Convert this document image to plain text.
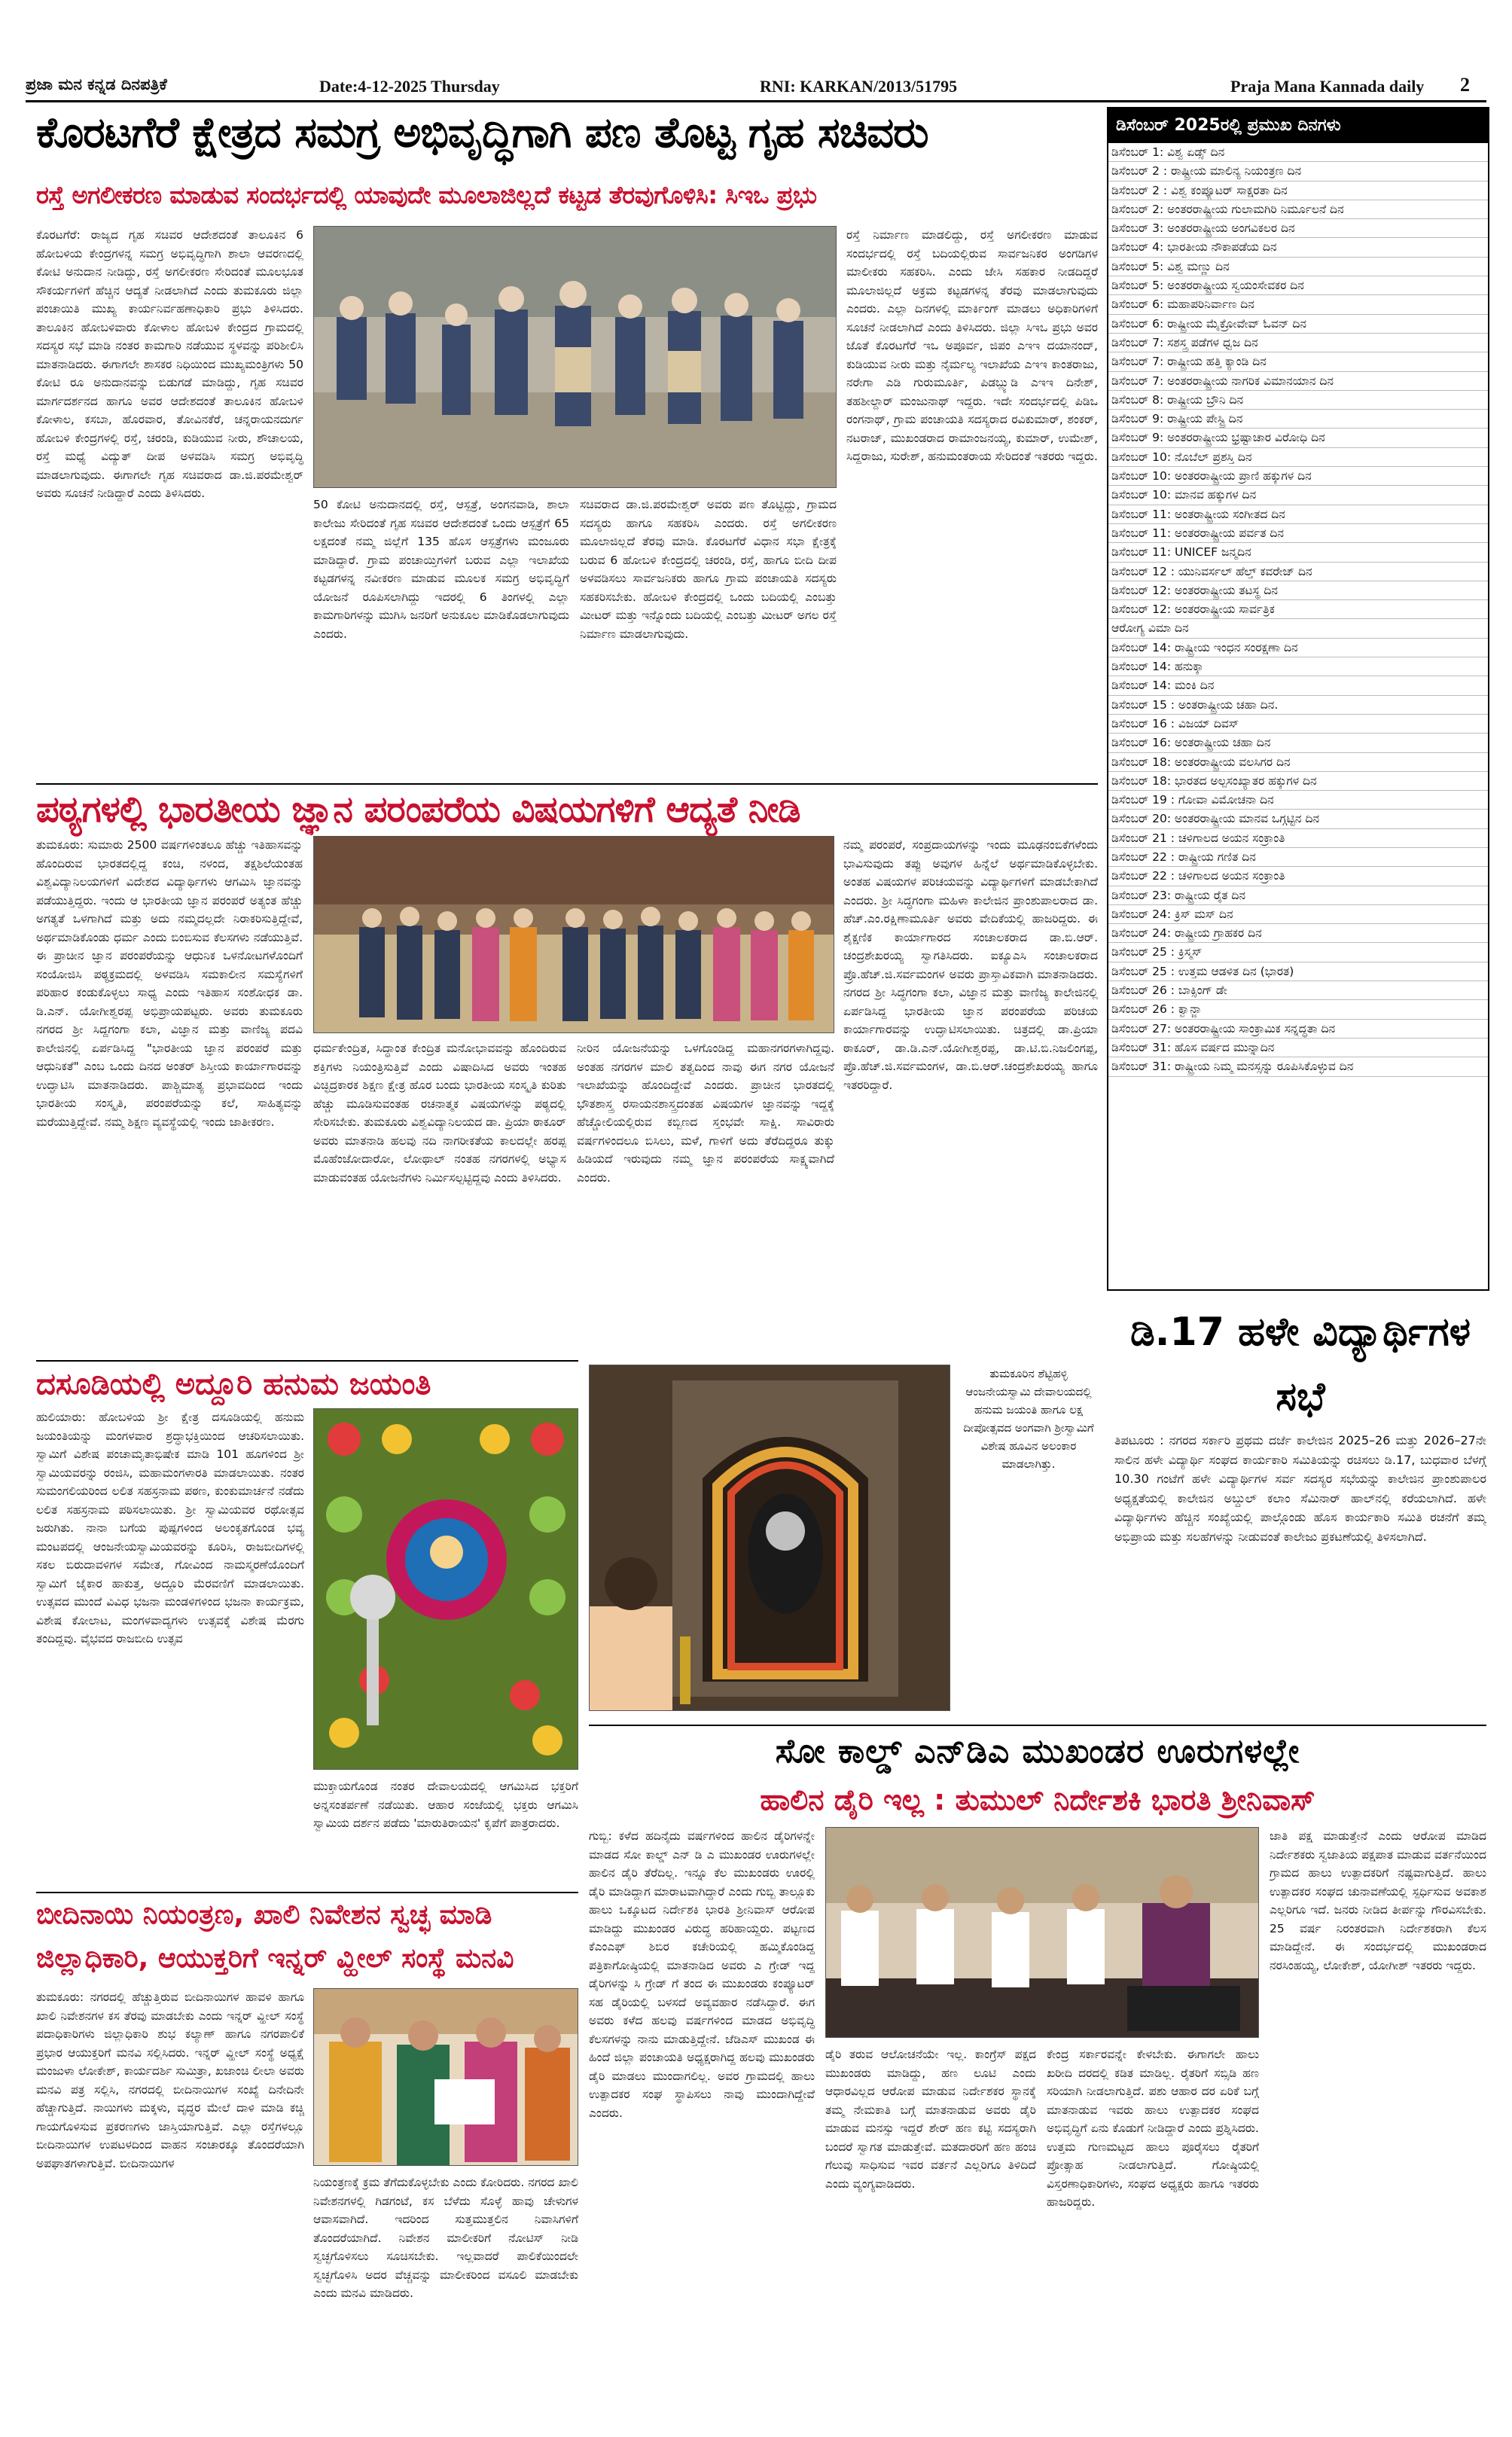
ಪ್ರಜಾ ಮನ ಕನ್ನಡ ದಿನಪತ್ರಿಕೆ	Date:4-12-2025 Thursday	RNI: KARKAN/2013/51795	Praja Mana Kannada daily 2
ಕೊರಟಗೆರೆ ಕ್ಷೇತ್ರದ ಸಮಗ್ರ ಅಭಿವೃದ್ಧಿಗಾಗಿ ಪಣ ತೊಟ್ಟ ಗೃಹ ಸಚಿವರು
ರಸ್ತೆ ಅಗಲೀಕರಣ ಮಾಡುವ ಸಂದರ್ಭದಲ್ಲಿ ಯಾವುದೇ ಮೂಲಾಜಿಲ್ಲದೆ ಕಟ್ಟಡ ತೆರವುಗೊಳಿಸಿ: ಸಿಇಒ ಪ್ರಭು
ಕೊರಟಗೆರೆ: ರಾಜ್ಯದ ಗೃಹ ಸಚಿವರ ಆದೇಶದಂತೆ ತಾಲೂಕಿನ 6 ಹೋಬಳಿಯ ಕೇಂದ್ರಗಳನ್ನ ಸಮಗ್ರ ಅಭಿವೃದ್ಧಿಗಾಗಿ ಶಾಲಾ ಆವರಣದಲ್ಲಿ ಕೋಟಿ ಅನುದಾನ ನೀಡಿದ್ದು, ರಸ್ತೆ ಅಗಲೀಕರಣ ಸೇರಿದಂತೆ ಮೂಲಭೂತ ಸೌಕರ್ಯಗಳಿಗೆ ಹೆಚ್ಚಿನ ಆದ್ಯತೆ ನೀಡಲಾಗಿದೆ ಎಂದು ತುಮಕೂರು ಜಿಲ್ಲಾ ಪಂಚಾಯಿತಿ ಮುಖ್ಯ ಕಾರ್ಯನಿರ್ವಹಣಾಧಿಕಾರಿ ಪ್ರಭು ತಿಳಿಸಿದರು. ತಾಲೂಕಿನ ಹೋಬಳಿವಾರು ಕೋಳಾಲ ಹೋಬಳಿ ಕೇಂದ್ರದ ಗ್ರಾಮದಲ್ಲಿ ಸದಸ್ಯರ ಸಭೆ ಮಾಡಿ ನಂತರ ಕಾಮಗಾರಿ ನಡೆಯುವ ಸ್ಥಳವನ್ನು ಪರಿಶೀಲಿಸಿ ಮಾತನಾಡಿದರು. ಈಗಾಗಲೇ ಶಾಸಕರ ನಿಧಿಯಿಂದ ಮುಖ್ಯಮಂತ್ರಿಗಳು 50 ಕೋಟಿ ರೂ ಅನುದಾನವನ್ನು ಬಿಡುಗಡೆ ಮಾಡಿದ್ದು, ಗೃಹ ಸಚಿವರ ಮಾರ್ಗದರ್ಶನದ ಹಾಗೂ ಅವರ ಆದೇಶದಂತೆ ತಾಲೂಕಿನ ಹೋಬಳಿ ಕೋಳಾಲ, ಕಸಬಾ, ಹೊರವಾರ, ತೋವಿನಕೆರೆ, ಚನ್ನರಾಯನದುರ್ಗ ಹೋಬಳಿ ಕೇಂದ್ರಗಳಲ್ಲಿ ರಸ್ತೆ, ಚರಂಡಿ, ಕುಡಿಯುವ ನೀರು, ಶೌಚಾಲಯ, ರಸ್ತೆ ಮಧ್ಯೆ ವಿದ್ಯುತ್ ದೀಪ ಅಳವಡಿಸಿ ಸಮಗ್ರ ಅಭಿವೃದ್ಧಿ ಮಾಡಲಾಗುವುದು. ಈಗಾಗಲೇ ಗೃಹ ಸಚಿವರಾದ ಡಾ.ಜಿ.ಪರಮೇಶ್ವರ್ ಅವರು ಸೂಚನೆ ನೀಡಿದ್ದಾರೆ ಎಂದು ತಿಳಿಸಿದರು.
50 ಕೋಟಿ ಅನುದಾನದಲ್ಲಿ ರಸ್ತೆ, ಆಸ್ಪತ್ರೆ, ಅಂಗನವಾಡಿ, ಶಾಲಾ ಕಾಲೇಜು ಸೇರಿದಂತೆ ಗೃಹ ಸಚಿವರ ಆದೇಶದಂತೆ ಒಂದು ಆಸ್ಪತ್ರೆಗೆ 65 ಲಕ್ಷದಂತೆ ನಮ್ಮ ಜಿಲ್ಲೆಗೆ 135 ಹೊಸ ಆಸ್ಪತ್ರೆಗಳು ಮಂಜೂರು ಮಾಡಿದ್ದಾರೆ. ಗ್ರಾಮ ಪಂಚಾಯ್ತಿಗಳಿಗೆ ಬರುವ ಎಲ್ಲಾ ಇಲಾಖೆಯ ಕಟ್ಟಡಗಳನ್ನ ನವೀಕರಣ ಮಾಡುವ ಮೂಲಕ ಸಮಗ್ರ ಅಭಿವೃದ್ಧಿಗೆ ಯೋಜನೆ ರೂಪಿಸಲಾಗಿದ್ದು ಇದರಲ್ಲಿ 6 ತಿಂಗಳಲ್ಲಿ ಎಲ್ಲಾ ಕಾಮಗಾರಿಗಳನ್ನು ಮುಗಿಸಿ ಜನರಿಗೆ ಅನುಕೂಲ ಮಾಡಿಕೊಡಲಾಗುವುದು ಎಂದರು.
ಸಚಿವರಾದ ಡಾ.ಜಿ.ಪರಮೇಶ್ವರ್ ಅವರು ಪಣ ತೊಟ್ಟಿದ್ದು, ಗ್ರಾಮದ ಸದಸ್ಯರು ಹಾಗೂ ಸಹಕರಿಸಿ ಎಂದರು. ರಸ್ತೆ ಅಗಲೀಕರಣ ಮೂಲಾಜಿಲ್ಲದೆ ತೆರವು ಮಾಡಿ. ಕೊರಟಗೆರೆ ವಿಧಾನ ಸಭಾ ಕ್ಷೇತ್ರಕ್ಕೆ ಬರುವ 6 ಹೋಬಳಿ ಕೇಂದ್ರದಲ್ಲಿ ಚರಂಡಿ, ರಸ್ತೆ, ಹಾಗೂ ಬೀದಿ ದೀಪ ಅಳವಡಿಸಲು ಸಾರ್ವಜನಿಕರು ಹಾಗೂ ಗ್ರಾಮ ಪಂಚಾಯತಿ ಸದಸ್ಯರು ಸಹಕರಿಸಬೇಕು. ಹೋಬಳಿ ಕೇಂದ್ರದಲ್ಲಿ ಒಂದು ಬದಿಯಲ್ಲಿ ಎಂಬತ್ತು ಮೀಟರ್ ಮತ್ತು ಇನ್ನೊಂದು ಬದಿಯಲ್ಲಿ ಎಂಬತ್ತು ಮೀಟರ್ ಅಗಲ ರಸ್ತೆ ನಿರ್ಮಾಣ ಮಾಡಲಾಗುವುದು.
ರಸ್ತೆ ನಿರ್ಮಾಣ ಮಾಡಲಿದ್ದು, ರಸ್ತೆ ಅಗಲೀಕರಣ ಮಾಡುವ ಸಂದರ್ಭದಲ್ಲಿ ರಸ್ತೆ ಬದಿಯಲ್ಲಿರುವ ಸಾರ್ವಜನಿಕರ ಅಂಗಡಿಗಳ ಮಾಲೀಕರು ಸಹಕರಿಸಿ. ಎಂದು ಜೇಸಿ ಸಹಕಾರ ನೀಡದಿದ್ದರೆ ಮೂಲಾಜಿಲ್ಲದೆ ಅಕ್ರಮ ಕಟ್ಟಡಗಳನ್ನ ತೆರವು ಮಾಡಲಾಗುವುದು ಎಂದರು. ಎಲ್ಲಾ ದಿನಗಳಲ್ಲಿ ಮಾರ್ಕಿಂಗ್ ಮಾಡಲು ಅಧಿಕಾರಿಗಳಿಗೆ ಸೂಚನೆ ನೀಡಲಾಗಿದೆ ಎಂದು ತಿಳಿಸಿದರು. ಜಿಲ್ಲಾ ಸಿಇಒ ಪ್ರಭು ಅವರ ಜೊತೆ ಕೊರಟಗೆರೆ ಇಒ ಅಪೂರ್ವ, ಜಿಪಂ ಎಇಇ ದಯಾನಂದ್, ಕುಡಿಯುವ ನೀರು ಮತ್ತು ನೈರ್ಮಲ್ಯ ಇಲಾಖೆಯ ಎಇಇ ಕಾಂತರಾಜು, ನರೇಗಾ ಎಡಿ ಗುರುಮೂರ್ತಿ, ಪಿಡಬ್ಲ್ಯುಡಿ ಎಇಇ ದಿನೇಶ್, ತಹಶೀಲ್ದಾರ್ ಮಂಜುನಾಥ್ ಇದ್ದರು. ಇದೇ ಸಂದರ್ಭದಲ್ಲಿ ಪಿಡಿಒ ರಂಗನಾಥ್, ಗ್ರಾಮ ಪಂಚಾಯತಿ ಸದಸ್ಯರಾದ ರವಿಕುಮಾರ್, ಶಂಕರ್, ನಟರಾಜ್, ಮುಖಂಡರಾದ ರಾಮಾಂಜನಯ್ಯ, ಕುಮಾರ್, ಉಮೇಶ್, ಸಿದ್ದರಾಜು, ಸುರೇಶ್, ಹನುಮಂತರಾಯ ಸೇರಿದಂತೆ ಇತರರು ಇದ್ದರು.
ಡಿಸೆಂಬರ್ 2025ರಲ್ಲಿ ಪ್ರಮುಖ ದಿನಗಳು
ಡಿಸೆಂಬರ್ 1: ವಿಶ್ವ ಏಡ್ಸ್ ದಿನ
ಡಿಸೆಂಬರ್ 2 : ರಾಷ್ಟ್ರೀಯ ಮಾಲಿನ್ಯ ನಿಯಂತ್ರಣ ದಿನ
ಡಿಸೆಂಬರ್ 2 : ವಿಶ್ವ ಕಂಪ್ಯೂಟರ್ ಸಾಕ್ಷರತಾ ದಿನ
ಡಿಸೆಂಬರ್ 2: ಅಂತರರಾಷ್ಟ್ರೀಯ ಗುಲಾಮಗಿರಿ ನಿರ್ಮೂಲನೆ ದಿನ
ಡಿಸೆಂಬರ್ 3: ಅಂತರರಾಷ್ಟ್ರೀಯ ಅಂಗವಿಕಲರ ದಿನ
ಡಿಸೆಂಬರ್ 4: ಭಾರತೀಯ ನೌಕಾಪಡೆಯ ದಿನ
ಡಿಸೆಂಬರ್ 5: ವಿಶ್ವ ಮಣ್ಣು ದಿನ
ಡಿಸೆಂಬರ್ 5: ಅಂತರರಾಷ್ಟ್ರೀಯ ಸ್ವಯಂಸೇವಕರ ದಿನ
ಡಿಸೆಂಬರ್ 6: ಮಹಾಪರಿನಿರ್ವಾಣ ದಿನ
ಡಿಸೆಂಬರ್ 6: ರಾಷ್ಟ್ರೀಯ ಮೈಕ್ರೋವೇವ್ ಓವನ್ ದಿನ
ಡಿಸೆಂಬರ್ 7: ಸಶಸ್ತ್ರ ಪಡೆಗಳ ಧ್ವಜ ದಿನ
ಡಿಸೆಂಬರ್ 7: ರಾಷ್ಟ್ರೀಯ ಹತ್ತಿ ಕ್ಯಾಂಡಿ ದಿನ
ಡಿಸೆಂಬರ್ 7: ಅಂತರರಾಷ್ಟ್ರೀಯ ನಾಗರಿಕ ವಿಮಾನಯಾನ ದಿನ
ಡಿಸೆಂಬರ್ 8: ರಾಷ್ಟ್ರೀಯ ಬ್ರೌನಿ ದಿನ
ಡಿಸೆಂಬರ್ 9: ರಾಷ್ಟ್ರೀಯ ಪೇಸ್ಟ್ರಿ ದಿನ
ಡಿಸೆಂಬರ್ 9: ಅಂತರರಾಷ್ಟ್ರೀಯ ಭ್ರಷ್ಟಾಚಾರ ವಿರೋಧಿ ದಿನ
ಡಿಸೆಂಬರ್ 10: ನೊಬೆಲ್ ಪ್ರಶಸ್ತಿ ದಿನ
ಡಿಸೆಂಬರ್ 10: ಅಂತರರಾಷ್ಟ್ರೀಯ ಪ್ರಾಣಿ ಹಕ್ಕುಗಳ ದಿನ
ಡಿಸೆಂಬರ್ 10: ಮಾನವ ಹಕ್ಕುಗಳ ದಿನ
ಡಿಸೆಂಬರ್ 11: ಅಂತರಾಷ್ಟ್ರೀಯ ಸಂಗೀತದ ದಿನ
ಡಿಸೆಂಬರ್ 11: ಅಂತರರಾಷ್ಟ್ರೀಯ ಪರ್ವತ ದಿನ
ಡಿಸೆಂಬರ್ 11: UNICEF ಜನ್ಮದಿನ
ಡಿಸೆಂಬರ್ 12 : ಯುನಿವರ್ಸಲ್ ಹೆಲ್ತ್ ಕವರೇಜ್ ದಿನ
ಡಿಸೆಂಬರ್ 12: ಅಂತರರಾಷ್ಟ್ರೀಯ ತಟಸ್ಥ ದಿನ
ಡಿಸೆಂಬರ್ 12: ಅಂತರರಾಷ್ಟ್ರೀಯ ಸಾರ್ವತ್ರಿಕ
ಆರೋಗ್ಯ ವಿಮಾ ದಿನ
ಡಿಸೆಂಬರ್ 14: ರಾಷ್ಟ್ರೀಯ ಇಂಧನ ಸಂರಕ್ಷಣಾ ದಿನ
ಡಿಸೆಂಬರ್ 14: ಹನುಕ್ಕಾ
ಡಿಸೆಂಬರ್ 14: ಮಂಕಿ ದಿನ
ಡಿಸೆಂಬರ್ 15 : ಅಂತರಾಷ್ಟ್ರೀಯ ಚಹಾ ದಿನ.
ಡಿಸೆಂಬರ್ 16 : ವಿಜಯ್ ದಿವಸ್
ಡಿಸೆಂಬರ್ 16: ಅಂತರಾಷ್ಟ್ರೀಯ ಚಹಾ ದಿನ
ಡಿಸೆಂಬರ್ 18: ಅಂತರರಾಷ್ಟ್ರೀಯ ವಲಸಿಗರ ದಿನ
ಡಿಸೆಂಬರ್ 18: ಭಾರತದ ಅಲ್ಪಸಂಖ್ಯಾತರ ಹಕ್ಕುಗಳ ದಿನ
ಡಿಸೆಂಬರ್ 19 : ಗೋವಾ ವಿಮೋಚನಾ ದಿನ
ಡಿಸೆಂಬರ್ 20: ಅಂತರರಾಷ್ಟ್ರೀಯ ಮಾನವ ಒಗ್ಗಟ್ಟಿನ ದಿನ
ಡಿಸೆಂಬರ್ 21 : ಚಳಿಗಾಲದ ಅಯನ ಸಂಕ್ರಾಂತಿ
ಡಿಸೆಂಬರ್ 22 : ರಾಷ್ಟ್ರೀಯ ಗಣಿತ ದಿನ
ಡಿಸೆಂಬರ್ 22 : ಚಳಿಗಾಲದ ಅಯನ ಸಂಕ್ರಾಂತಿ
ಡಿಸೆಂಬರ್ 23: ರಾಷ್ಟ್ರೀಯ ರೈತ ದಿನ
ಡಿಸೆಂಬರ್ 24: ಕ್ರಿಸ್ ಮಸ್ ದಿನ
ಡಿಸೆಂಬರ್ 24: ರಾಷ್ಟ್ರೀಯ ಗ್ರಾಹಕರ ದಿನ
ಡಿಸೆಂಬರ್ 25 : ಕ್ರಿಸ್ಮಸ್
ಡಿಸೆಂಬರ್ 25 : ಉತ್ತಮ ಆಡಳಿತ ದಿನ (ಭಾರತ)
ಡಿಸೆಂಬರ್ 26 : ಬಾಕ್ಸಿಂಗ್ ಡೇ
ಡಿಸೆಂಬರ್ 26 : ಕ್ವಾನ್ಜಾ
ಡಿಸೆಂಬರ್ 27: ಅಂತರರಾಷ್ಟ್ರೀಯ ಸಾಂಕ್ರಾಮಿಕ ಸನ್ನದ್ಧತಾ ದಿನ
ಡಿಸೆಂಬರ್ 31: ಹೊಸ ವರ್ಷದ ಮುನ್ನಾದಿನ
ಡಿಸೆಂಬರ್ 31: ರಾಷ್ಟ್ರೀಯ ನಿಮ್ಮ ಮನಸ್ಸನ್ನು ರೂಪಿಸಿಕೊಳ್ಳುವ ದಿನ
ಪಠ್ಯಗಳಲ್ಲಿ ಭಾರತೀಯ ಜ್ಞಾನ ಪರಂಪರೆಯ ವಿಷಯಗಳಿಗೆ ಆದ್ಯತೆ ನೀಡಿ
ತುಮಕೂರು: ಸುಮಾರು 2500 ವರ್ಷಗಳಿಂತಲೂ ಹೆಚ್ಚು ಇತಿಹಾಸವನ್ನು ಹೊಂದಿರುವ ಭಾರತದಲ್ಲಿದ್ದ ಕಂಚಿ, ನಳಂದ, ತಕ್ಷಶಿಲೆಯಂತಹ ವಿಶ್ವವಿದ್ಯಾನಿಲಯಗಳಿಗೆ ವಿದೇಶದ ವಿದ್ಯಾರ್ಥಿಗಳು ಆಗಮಿಸಿ ಜ್ಞಾನವನ್ನು ಪಡೆಯುತ್ತಿದ್ದರು. ಇಂದು ಆ ಭಾರತೀಯ ಜ್ಞಾನ ಪರಂಪರೆ ಅತ್ಯಂತ ಹೆಚ್ಚು ಅಗತ್ಯತೆ ಒಳಗಾಗಿದೆ ಮತ್ತು ಅದು ನಮ್ಮದಲ್ಲದೇ ನಿರಾಕರಿಸುತ್ತಿದ್ದೇವೆ, ಅರ್ಥಮಾಡಿಕೊಂಡು ಧರ್ಮ ಎಂದು ಬಿಂಬಿಸುವ ಕೆಲಸಗಳು ನಡೆಯುತ್ತಿವೆ. ಈ ಪ್ರಾಚೀನ ಜ್ಞಾನ ಪರಂಪರೆಯನ್ನು ಆಧುನಿಕ ಒಳನೋಟಗಳೊಂದಿಗೆ ಸಂಯೋಜಿಸಿ ಪಠ್ಯಕ್ರಮದಲ್ಲಿ ಅಳವಡಿಸಿ ಸಮಕಾಲೀನ ಸಮಸ್ಯೆಗಳಿಗೆ ಪರಿಹಾರ ಕಂಡುಕೊಳ್ಳಲು ಸಾಧ್ಯ ಎಂದು ಇತಿಹಾಸ ಸಂಶೋಧಕ ಡಾ. ಡಿ.ಎನ್. ಯೋಗೀಶ್ವರಪ್ಪ ಅಭಿಪ್ರಾಯಪಟ್ಟರು. ಅವರು ತುಮಕೂರು ನಗರದ ಶ್ರೀ ಸಿದ್ದಗಂಗಾ ಕಲಾ, ವಿಜ್ಞಾನ ಮತ್ತು ವಾಣಿಜ್ಯ ಪದವಿ ಕಾಲೇಜಿನಲ್ಲಿ ಏರ್ಪಡಿಸಿದ್ದ "ಭಾರತೀಯ ಜ್ಞಾನ ಪರಂಪರೆ ಮತ್ತು ಆಧುನಿಕತೆ" ಎಂಬ ಒಂದು ದಿನದ ಅಂತರ್ ಶಿಸ್ತೀಯ ಕಾರ್ಯಾಗಾರವನ್ನು ಉದ್ಘಾಟಿಸಿ ಮಾತನಾಡಿದರು. ಪಾಶ್ಚಿಮಾತ್ಯ ಪ್ರಭಾವದಿಂದ ಇಂದು ಭಾರತೀಯ ಸಂಸ್ಕೃತಿ, ಪರಂಪರೆಯನ್ನು ಕಲೆ, ಸಾಹಿತ್ಯವನ್ನು ಮರೆಯುತ್ತಿದ್ದೇವೆ. ನಮ್ಮ ಶಿಕ್ಷಣ ವ್ಯವಸ್ಥೆಯಲ್ಲಿ ಇಂದು ಜಾತೀಕರಣ.
ಧರ್ಮಕೇಂದ್ರಿತ, ಸಿದ್ಧಾಂತ ಕೇಂದ್ರಿತ ಮನೋಭಾವವನ್ನು ಹೊಂದಿರುವ ಶಕ್ತಿಗಳು ನಿಯಂತ್ರಿಸುತ್ತಿವೆ ಎಂದು ವಿಷಾದಿಸಿದ ಅವರು ಇಂತಹ ವಿಚ್ಛಿದ್ರಕಾರಕ ಶಿಕ್ಷಣ ಕ್ಷೇತ್ರ ಹೊರ ಬಂದು ಭಾರತೀಯ ಸಂಸ್ಕೃತಿ ಕುರಿತು ಹೆಚ್ಚು ಮೂಡಿಸುವಂತಹ ರಚನಾತ್ಮಕ ವಿಷಯಗಳನ್ನು ಪಠ್ಯದಲ್ಲಿ ಸೇರಿಸಬೇಕು. ತುಮಕೂರು ವಿಶ್ವವಿದ್ಯಾನಿಲಯದ ಡಾ. ಪ್ರಿಯಾ ಠಾಕೂರ್ ಅವರು ಮಾತನಾಡಿ ಹಲವು ನದಿ ನಾಗರೀಕತೆಯ ಕಾಲದಲ್ಲೇ ಹರಪ್ಪ ಮೊಹೆಂಜೋದಾರೋ, ಲೋಥಾಲ್ ನಂತಹ ನಗರಗಳಲ್ಲಿ ಅಭ್ಯಾಸ ಮಾಡುವಂತಹ ಯೋಜನೆಗಳು ನಿರ್ಮಿಸಲ್ಪಟ್ಟಿದ್ದವು ಎಂದು ತಿಳಿಸಿದರು.
ನೀರಿನ ಯೋಜನೆಯನ್ನು ಒಳಗೊಂಡಿದ್ದ ಮಹಾನಗರಗಳಾಗಿದ್ದವು. ಅಂತಹ ನಗರಗಳ ಮಾಲಿ ತತ್ವದಿಂದ ನಾವು ಈಗ ನಗರ ಯೋಜನೆ ಇಲಾಖೆಯನ್ನು ಹೊಂದಿದ್ದೇವೆ ಎಂದರು. ಪ್ರಾಚೀನ ಭಾರತದಲ್ಲಿ ಭೌತಶಾಸ್ತ್ರ ರಸಾಯನಶಾಸ್ತ್ರದಂತಹ ವಿಷಯಗಳ ಜ್ಞಾನವನ್ನು ಇದ್ದಕ್ಕೆ ಹೆಚ್ಚೋಲಿಯಲ್ಲಿರುವ ಕಬ್ಬಿಣದ ಸ್ತಂಭವೇ ಸಾಕ್ಷಿ. ಸಾವಿರಾರು ವರ್ಷಗಳಿಂದಲೂ ಬಿಸಿಲು, ಮಳೆ, ಗಾಳಿಗೆ ಅದು ತೆರೆದಿದ್ದರೂ ತುಕ್ಕು ಹಿಡಿಯದೆ ಇರುವುದು ನಮ್ಮ ಜ್ಞಾನ ಪರಂಪರೆಯ ಸಾಕ್ಷ್ಯವಾಗಿದೆ ಎಂದರು.
ನಮ್ಮ ಪರಂಪರೆ, ಸಂಪ್ರದಾಯಗಳನ್ನು ಇಂದು ಮೂಢನಂಬಿಕೆಗಳೆಂದು ಭಾವಿಸುವುದು ತಪ್ಪು ಅವುಗಳ ಹಿನ್ನೆಲೆ ಅರ್ಥಮಾಡಿಕೊಳ್ಳಬೇಕು. ಅಂತಹ ವಿಷಯಗಳ ಪರಿಚಯವನ್ನು ವಿದ್ಯಾರ್ಥಿಗಳಿಗೆ ಮಾಡಬೇಕಾಗಿದೆ ಎಂದರು. ಶ್ರೀ ಸಿದ್ಧಗಂಗಾ ಮಹಿಳಾ ಕಾಲೇಜಿನ ಪ್ರಾಂಶುಪಾಲರಾದ ಡಾ. ಹೆಚ್.ಎಂ.ರಕ್ಷಿಣಾಮೂರ್ತಿ ಅವರು ವೇದಿಕೆಯಲ್ಲಿ ಹಾಜರಿದ್ದರು. ಈ ಶೈಕ್ಷಣಿಕ ಕಾರ್ಯಾಗಾರದ ಸಂಚಾಲಕರಾದ ಡಾ.ಬಿ.ಆರ್. ಚಂದ್ರಶೇಖರಯ್ಯ ಸ್ವಾಗತಿಸಿದರು. ಐಕ್ಯೂಎಸಿ ಸಂಚಾಲಕರಾದ ಪ್ರೊ.ಹೆಚ್.ಜಿ.ಸರ್ವಮಂಗಳ ಅವರು ಪ್ರಾಸ್ತಾವಿಕವಾಗಿ ಮಾತನಾಡಿದರು. ನಗರದ ಶ್ರೀ ಸಿದ್ಧಗಂಗಾ ಕಲಾ, ವಿಜ್ಞಾನ ಮತ್ತು ವಾಣಿಜ್ಯ ಕಾಲೇಜಿನಲ್ಲಿ ಏರ್ಪಡಿಸಿದ್ದ ಭಾರತೀಯ ಜ್ಞಾನ ಪರಂಪರೆಯ ಪರಿಚಯ ಕಾರ್ಯಾಗಾರವನ್ನು ಉದ್ಘಾಟಿಸಲಾಯಿತು. ಚಿತ್ರದಲ್ಲಿ ಡಾ.ಪ್ರಿಯಾ ಠಾಕೂರ್, ಡಾ.ಡಿ.ಎನ್.ಯೋಗೀಶ್ವರಪ್ಪ, ಡಾ.ಟಿ.ಬಿ.ನಿಜಲಿಂಗಪ್ಪ, ಪ್ರೊ.ಹೆಚ್.ಜಿ.ಸರ್ವಮಂಗಳ, ಡಾ.ಬಿ.ಆರ್.ಚಂದ್ರಶೇಖರಯ್ಯ ಹಾಗೂ ಇತರರಿದ್ದಾರೆ.
ದಸೂಡಿಯಲ್ಲಿ ಅದ್ದೂರಿ ಹನುಮ ಜಯಂತಿ
ಹುಲಿಯಾರು: ಹೋಬಳಿಯ ಶ್ರೀ ಕ್ಷೇತ್ರ ದಸೂಡಿಯಲ್ಲಿ ಹನುಮ ಜಯಂತಿಯನ್ನು ಮಂಗಳವಾರ ಶ್ರದ್ಧಾಭಕ್ತಿಯಿಂದ ಆಚರಿಸಲಾಯಿತು. ಸ್ವಾಮಿಗೆ ವಿಶೇಷ ಪಂಚಾಮೃತಾಭಿಷೇಕ ಮಾಡಿ 101 ಹೂಗಳಿಂದ ಶ್ರೀ ಸ್ವಾಮಿಯವರನ್ನು ರಂಜಿಸಿ, ಮಹಾಮಂಗಳಾರತಿ ಮಾಡಲಾಯಿತು. ನಂತರ ಸುಮಂಗಲಿಯರಿಂದ ಲಲಿತ ಸಹಸ್ರನಾಮ ಪಠಣ, ಕುಂಕುಮಾರ್ಚನೆ ನಡೆದು ಲಲಿತ ಸಹಸ್ರನಾಮ ಪಠಿಸಲಾಯಿತು. ಶ್ರೀ ಸ್ವಾಮಿಯವರ ರಥೋತ್ಸವ ಜರುಗಿತು. ನಾನಾ ಬಗೆಯ ಪುಷ್ಪಗಳಿಂದ ಅಲಂಕೃತಗೊಂಡ ಭವ್ಯ ಮಂಟಪದಲ್ಲಿ ಆಂಜನೇಯಸ್ವಾಮಿಯವರನ್ನು ಕೂರಿಸಿ, ರಾಜಬೀದಿಗಳಲ್ಲಿ ಸಕಲ ಬಿರುದಾವಳಿಗಳ ಸಮೇತ, ಗೋವಿಂದ ನಾಮಸ್ಮರಣೆಯೊಂದಿಗೆ ಸ್ವಾಮಿಗೆ ಜೈಕಾರ ಹಾಕುತ್ತ, ಅದ್ದೂರಿ ಮೆರವಣಿಗೆ ಮಾಡಲಾಯಿತು. ಉತ್ಸವದ ಮುಂದೆ ವಿವಿಧ ಭಜನಾ ಮಂಡಳಿಗಳಿಂದ ಭಜನಾ ಕಾರ್ಯಕ್ರಮ, ವಿಶೇಷ ಕೋಲಾಟ, ಮಂಗಳವಾದ್ಯಗಳು ಉತ್ಸವಕ್ಕೆ ವಿಶೇಷ ಮೆರಗು ತಂದಿದ್ದವು. ವೈಭವದ ರಾಜಬೀದಿ ಉತ್ಸವ
ಮುಕ್ತಾಯಗೊಂಡ ನಂತರ ದೇವಾಲಯದಲ್ಲಿ ಆಗಮಿಸಿದ ಭಕ್ತರಿಗೆ ಅನ್ನಸಂತರ್ಪಣೆ ನಡೆಯಿತು. ಆಹಾರ ಸಂಜೆಯಲ್ಲಿ ಭಕ್ತರು ಆಗಮಿಸಿ ಸ್ವಾಮಿಯ ದರ್ಶನ ಪಡೆದು 'ಮಾರುತಿರಾಯನ' ಕೃಪೆಗೆ ಪಾತ್ರರಾದರು.
ತುಮಕೂರಿನ ಶೆಟ್ಟಿಹಳ್ಳಿ ಆಂಜನೇಯಸ್ವಾಮಿ ದೇವಾಲಯದಲ್ಲಿ ಹನುಮ ಜಯಂತಿ ಹಾಗೂ ಲಕ್ಷ ದೀಪೋತ್ಸವದ ಅಂಗವಾಗಿ ಶ್ರೀಸ್ವಾಮಿಗೆ ವಿಶೇಷ ಹೂವಿನ ಅಲಂಕಾರ ಮಾಡಲಾಗಿತ್ತು.
ಡಿ.17 ಹಳೇ ವಿದ್ಯಾರ್ಥಿಗಳ ಸಭೆ
ತಿಪಟೂರು : ನಗರದ ಸರ್ಕಾರಿ ಪ್ರಥಮ ದರ್ಜೆ ಕಾಲೇಜಿನ 2025–26 ಮತ್ತು 2026–27ನೇ ಸಾಲಿನ ಹಳೇ ವಿದ್ಯಾರ್ಥಿ ಸಂಘದ ಕಾರ್ಯಕಾರಿ ಸಮಿತಿಯನ್ನು ರಚಿಸಲು ಡಿ.17, ಬುಧವಾರ ಬೆಳಗ್ಗೆ 10.30 ಗಂಟೆಗೆ ಹಳೇ ವಿದ್ಯಾರ್ಥಿಗಳ ಸರ್ವ ಸದಸ್ಯರ ಸಭೆಯನ್ನು ಕಾಲೇಜಿನ ಪ್ರಾಂಶುಪಾಲರ ಅಧ್ಯಕ್ಷತೆಯಲ್ಲಿ ಕಾಲೇಜಿನ ಅಬ್ದುಲ್ ಕಲಾಂ ಸೆಮಿನಾರ್ ಹಾಲ್‌ನಲ್ಲಿ ಕರೆಯಲಾಗಿದೆ. ಹಳೇ ವಿದ್ಯಾರ್ಥಿಗಳು ಹೆಚ್ಚಿನ ಸಂಖ್ಯೆಯಲ್ಲಿ ಪಾಲ್ಗೊಂಡು ಹೊಸ ಕಾರ್ಯಕಾರಿ ಸಮಿತಿ ರಚನೆಗೆ ತಮ್ಮ ಅಭಿಪ್ರಾಯ ಮತ್ತು ಸಲಹೆಗಳನ್ನು ನೀಡುವಂತೆ ಕಾಲೇಜು ಪ್ರಕಟಣೆಯಲ್ಲಿ ತಿಳಿಸಲಾಗಿದೆ.
ಸೋ ಕಾಲ್ಡ್ ಎನ್‌ಡಿಎ ಮುಖಂಡರ ಊರುಗಳಲ್ಲೇ
ಹಾಲಿನ ಡೈರಿ ಇಲ್ಲ : ತುಮುಲ್ ನಿರ್ದೇಶಕಿ ಭಾರತಿ ಶ್ರೀನಿವಾಸ್
ಗುಬ್ಬಿ: ಕಳೆದ ಹದಿನೈದು ವರ್ಷಗಳಿಂದ ಹಾಲಿನ ಡೈರಿಗಳನ್ನೇ ಮಾಡದ ಸೋ ಕಾಲ್ಡ್ ಎನ್ ಡಿ ಎ ಮುಖಂಡರ ಊರುಗಳಲ್ಲೇ ಹಾಲಿನ ಡೈರಿ ತೆರೆದಿಲ್ಲ. ಇನ್ನೂ ಕೆಲ ಮುಖಂಡರು ಊರಲ್ಲಿ ಡೈರಿ ಮಾಡಿದ್ದಾಗ ಮಾರಾಟವಾಗಿದ್ದಾರೆ ಎಂದು ಗುಬ್ಬಿ ತಾಲ್ಲೂಕು ಹಾಲು ಒಕ್ಕೂಟದ ನಿರ್ದೇಶಕಿ ಭಾರತಿ ಶ್ರೀನಿವಾಸ್ ಆರೋಪ ಮಾಡಿದ್ದು ಮುಖಂಡರ ವಿರುದ್ಧ ಹರಿಹಾಯ್ದರು. ಪಟ್ಟಣದ ಕೆಎಂಎಫ್ ಶಿಬಿರ ಕಚೇರಿಯಲ್ಲಿ ಹಮ್ಮಿಕೊಂಡಿದ್ದ ಪತ್ರಿಕಾಗೋಷ್ಠಿಯಲ್ಲಿ ಮಾತನಾಡಿದ ಅವರು ಎ ಗ್ರೇಡ್ ಇದ್ದ ಡೈರಿಗಳನ್ನು ಸಿ ಗ್ರೇಡ್ ಗೆ ತಂದ ಈ ಮುಖಂಡರು ಕಂಪ್ಯೂಟರ್ ಸಹ ಡೈರಿಯಲ್ಲಿ ಬಳಸದೆ ಅವ್ಯವಹಾರ ನಡೆಸಿದ್ದಾರೆ. ಈಗ ಅವರು ಕಳೆದ ಹಲವು ವರ್ಷಗಳಿಂದ ಮಾಡದ ಅಭಿವೃದ್ಧಿ ಕೆಲಸಗಳನ್ನು ನಾನು ಮಾಡುತ್ತಿದ್ದೇನೆ. ಜೆಡಿಎಸ್ ಮುಖಂಡ ಈ ಹಿಂದೆ ಜಿಲ್ಲಾ ಪಂಚಾಯತಿ ಅಧ್ಯಕ್ಷರಾಗಿದ್ದ ಹಲವು ಮುಖಂಡರು ಡೈರಿ ಮಾಡಲು ಮುಂದಾಗಲಿಲ್ಲ. ಅವರ ಗ್ರಾಮದಲ್ಲಿ ಹಾಲು ಉತ್ಪಾದಕರ ಸಂಘ ಸ್ಥಾಪಿಸಲು ನಾವು ಮುಂದಾಗಿದ್ದೇವೆ ಎಂದರು.
ಡೈರಿ ತರುವ ಆಲೋಚನೆಯೇ ಇಲ್ಲ. ಕಾಂಗ್ರೆಸ್ ಪಕ್ಷದ ಮುಖಂಡರು ಮಾಡಿದ್ದು, ಹಣ ಲೂಟಿ ಎಂದು ಆಧಾರವಿಲ್ಲದ ಆರೋಪ ಮಾಡುವ ನಿರ್ದೇಶಕರ ಸ್ಥಾನಕ್ಕೆ ತಮ್ಮ ನೇಮಕಾತಿ ಬಗ್ಗೆ ಮಾತನಾಡುವ ಅವರು ಡೈರಿ ಮಾಡುವ ಮನಸ್ಸು ಇದ್ದರೆ ಶೇರ್ ಹಣ ಕಟ್ಟಿ ಸದಸ್ಯರಾಗಿ ಬಂದರೆ ಸ್ವಾಗತ ಮಾಡುತ್ತೇವೆ. ಮತದಾರರಿಗೆ ಹಣ ಹಂಚಿ ಗೆಲುವು ಸಾಧಿಸುವ ಇವರ ವರ್ತನೆ ಎಲ್ಲರಿಗೂ ತಿಳಿದಿದೆ ಎಂದು ವ್ಯಂಗ್ಯವಾಡಿದರು.
ಕೇಂದ್ರ ಸರ್ಕಾರವನ್ನೇ ಕೇಳಬೇಕು. ಈಗಾಗಲೇ ಹಾಲು ಖರೀದಿ ದರದಲ್ಲಿ ಕಡಿತ ಮಾಡಿಲ್ಲ. ರೈತರಿಗೆ ಸಬ್ಸಿಡಿ ಹಣ ಸರಿಯಾಗಿ ನೀಡಲಾಗುತ್ತಿದೆ. ಪಶು ಆಹಾರ ದರ ಏರಿಕೆ ಬಗ್ಗೆ ಮಾತನಾಡುವ ಇವರು ಹಾಲು ಉತ್ಪಾದಕರ ಸಂಘದ ಅಭಿವೃದ್ಧಿಗೆ ಏನು ಕೊಡುಗೆ ನೀಡಿದ್ದಾರೆ ಎಂದು ಪ್ರಶ್ನಿಸಿದರು. ಉತ್ತಮ ಗುಣಮಟ್ಟದ ಹಾಲು ಪೂರೈಸಲು ರೈತರಿಗೆ ಪ್ರೋತ್ಸಾಹ ನೀಡಲಾಗುತ್ತಿದೆ. ಗೋಷ್ಠಿಯಲ್ಲಿ ವಿಸ್ತರಣಾಧಿಕಾರಿಗಳು, ಸಂಘದ ಅಧ್ಯಕ್ಷರು ಹಾಗೂ ಇತರರು ಹಾಜರಿದ್ದರು.
ಜಾತಿ ಪಕ್ಷ ಮಾಡುತ್ತೇನೆ ಎಂದು ಆರೋಪ ಮಾಡಿದ ನಿರ್ದೇಶಕರು ಸ್ವಜಾತಿಯ ಪಕ್ಷಪಾತ ಮಾಡುವ ವರ್ತನೆಯಿಂದ ಗ್ರಾಮದ ಹಾಲು ಉತ್ಪಾದಕರಿಗೆ ನಷ್ಟವಾಗುತ್ತಿದೆ. ಹಾಲು ಉತ್ಪಾದಕರ ಸಂಘದ ಚುನಾವಣೆಯಲ್ಲಿ ಸ್ಪರ್ಧಿಸುವ ಅವಕಾಶ ಎಲ್ಲರಿಗೂ ಇದೆ. ಜನರು ನೀಡಿದ ತೀರ್ಪನ್ನು ಗೌರವಿಸಬೇಕು. 25 ವರ್ಷ ನಿರಂತರವಾಗಿ ನಿರ್ದೇಶಕರಾಗಿ ಕೆಲಸ ಮಾಡಿದ್ದೇನೆ. ಈ ಸಂದರ್ಭದಲ್ಲಿ ಮುಖಂಡರಾದ ನರಸಿಂಹಯ್ಯ, ಲೋಕೇಶ್, ಯೋಗೀಶ್ ಇತರರು ಇದ್ದರು.
ಬೀದಿನಾಯಿ ನಿಯಂತ್ರಣ, ಖಾಲಿ ನಿವೇಶನ ಸ್ವಚ್ಛ ಮಾಡಿ
ಜಿಲ್ಲಾಧಿಕಾರಿ, ಆಯುಕ್ತರಿಗೆ ಇನ್ನರ್ ವ್ಹೀಲ್ ಸಂಸ್ಥೆ ಮನವಿ
ತುಮಕೂರು: ನಗರದಲ್ಲಿ ಹೆಚ್ಚುತ್ತಿರುವ ಬೀದಿನಾಯಿಗಳ ಹಾವಳಿ ಹಾಗೂ ಖಾಲಿ ನಿವೇಶನಗಳ ಕಸ ತೆರವು ಮಾಡಬೇಕು ಎಂದು ಇನ್ನರ್ ವ್ಹೀಲ್ ಸಂಸ್ಥೆ ಪದಾಧಿಕಾರಿಗಳು ಜಿಲ್ಲಾಧಿಕಾರಿ ಶುಭ ಕಲ್ಯಾಣ್ ಹಾಗೂ ನಗರಪಾಲಿಕೆ ಪ್ರಭಾರ ಆಯುಕ್ತರಿಗೆ ಮನವಿ ಸಲ್ಲಿಸಿದರು. ಇನ್ನರ್ ವ್ಹೀಲ್ ಸಂಸ್ಥೆ ಅಧ್ಯಕ್ಷೆ ಮಂಜುಳಾ ಲೋಕೇಶ್, ಕಾರ್ಯದರ್ಶಿ ಸುಮಿತ್ರಾ, ಖಜಾಂಚಿ ಲೀಲಾ ಅವರು ಮನವಿ ಪತ್ರ ಸಲ್ಲಿಸಿ, ನಗರದಲ್ಲಿ ಬೀದಿನಾಯಿಗಳ ಸಂಖ್ಯೆ ದಿನೇದಿನೇ ಹೆಚ್ಚಾಗುತ್ತಿದೆ. ನಾಯಿಗಳು ಮಕ್ಕಳು, ವೃದ್ಧರ ಮೇಲೆ ದಾಳಿ ಮಾಡಿ ಕಚ್ಚಿ ಗಾಯಗೊಳಿಸುವ ಪ್ರಕರಣಗಳು ಜಾಸ್ತಿಯಾಗುತ್ತಿವೆ. ಎಲ್ಲಾ ರಸ್ತೆಗಳಲ್ಲೂ ಬೀದಿನಾಯಿಗಳ ಉಪಟಳದಿಂದ ವಾಹನ ಸಂಚಾರಕ್ಕೂ ತೊಂದರೆಯಾಗಿ ಅಪಘಾತಗಳಾಗುತ್ತಿವೆ. ಬೀದಿನಾಯಿಗಳ
ನಿಯಂತ್ರಣಕ್ಕೆ ಕ್ರಮ ತೆಗೆದುಕೊಳ್ಳಬೇಕು ಎಂದು ಕೋರಿದರು. ನಗರದ ಖಾಲಿ ನಿವೇಶನಗಳಲ್ಲಿ ಗಿಡಗಂಟೆ, ಕಸ ಬೆಳೆದು ಸೊಳ್ಳೆ ಹಾವು ಚೇಳುಗಳ ಆವಾಸವಾಗಿದೆ. ಇದರಿಂದ ಸುತ್ತಮುತ್ತಲಿನ ನಿವಾಸಿಗಳಿಗೆ ತೊಂದರೆಯಾಗಿದೆ. ನಿವೇಶನ ಮಾಲೀಕರಿಗೆ ನೋಟಿಸ್ ನೀಡಿ ಸ್ವಚ್ಛಗೊಳಿಸಲು ಸೂಚಿಸಬೇಕು. ಇಲ್ಲವಾದರೆ ಪಾಲಿಕೆಯಿಂದಲೇ ಸ್ವಚ್ಛಗೊಳಿಸಿ ಅದರ ವೆಚ್ಚವನ್ನು ಮಾಲೀಕರಿಂದ ವಸೂಲಿ ಮಾಡಬೇಕು ಎಂದು ಮನವಿ ಮಾಡಿದರು.
